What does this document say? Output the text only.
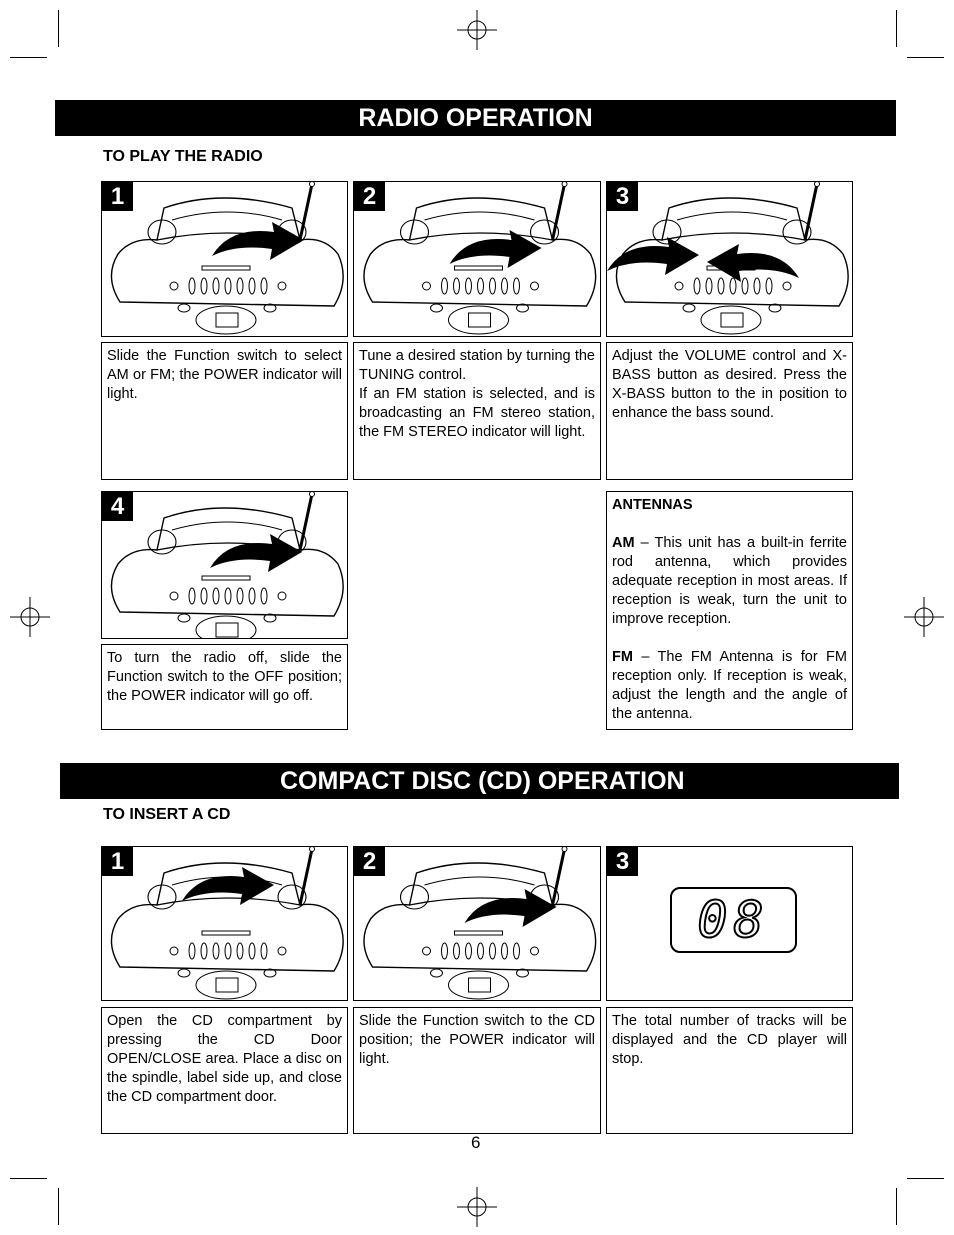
RADIO OPERATION
TO PLAY THE RADIO
1

Slide the Function switch to select AM or FM; the POWER indicator will light.

2

Tune a desired station by turning the TUNING control.

If an FM station is selected, and is broadcasting an FM stereo station, the FM STEREO indicator will light.

3

Adjust the VOLUME control and X-BASS button as desired. Press the X-BASS button to the in position to enhance the bass sound.

4

To turn the radio off, slide the Function switch to the OFF position; the POWER indicator will go off.

ANTENNAS

AM – This unit has a built-in ferrite rod antenna, which provides adequate reception in most areas. If reception is weak, turn the unit to improve reception.

FM – The FM Antenna is for FM reception only. If reception is weak, adjust the length and the angle of the antenna.

COMPACT DISC (CD) OPERATION
TO INSERT A CD
1

Open the CD compartment by pressing the CD Door OPEN/CLOSE area. Place a disc on the spindle, label side up, and close the CD compartment door.

2

Slide the Function switch to the CD position; the POWER indicator will light.

3
08

The total number of tracks will be displayed and the CD player will stop.

6
